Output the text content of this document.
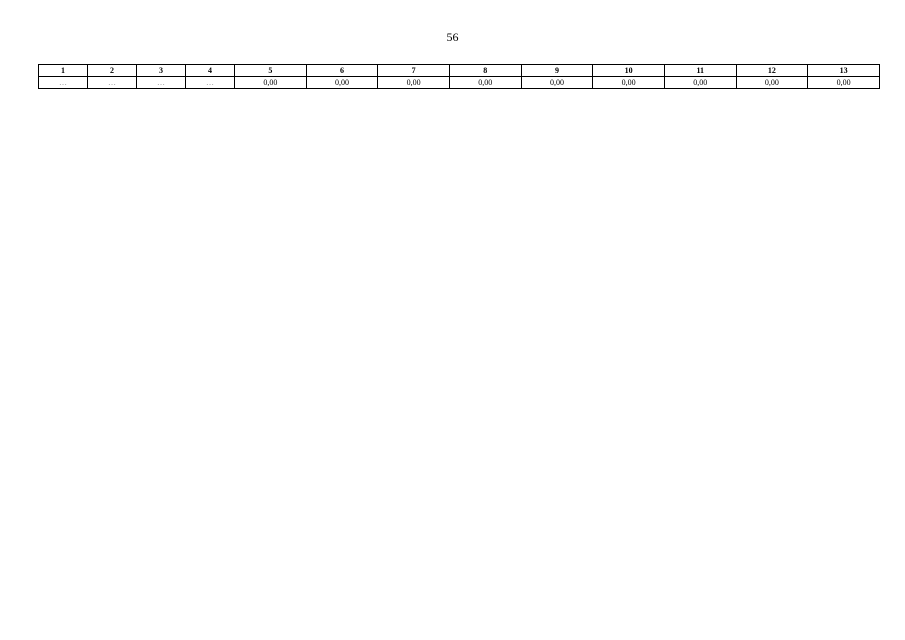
56
1	2	3	4	5	6	7	8	9	10	11	12	13
…	…	…	…	0,00	0,00	0,00	0,00	0,00	0,00	0,00	0,00	0,00
